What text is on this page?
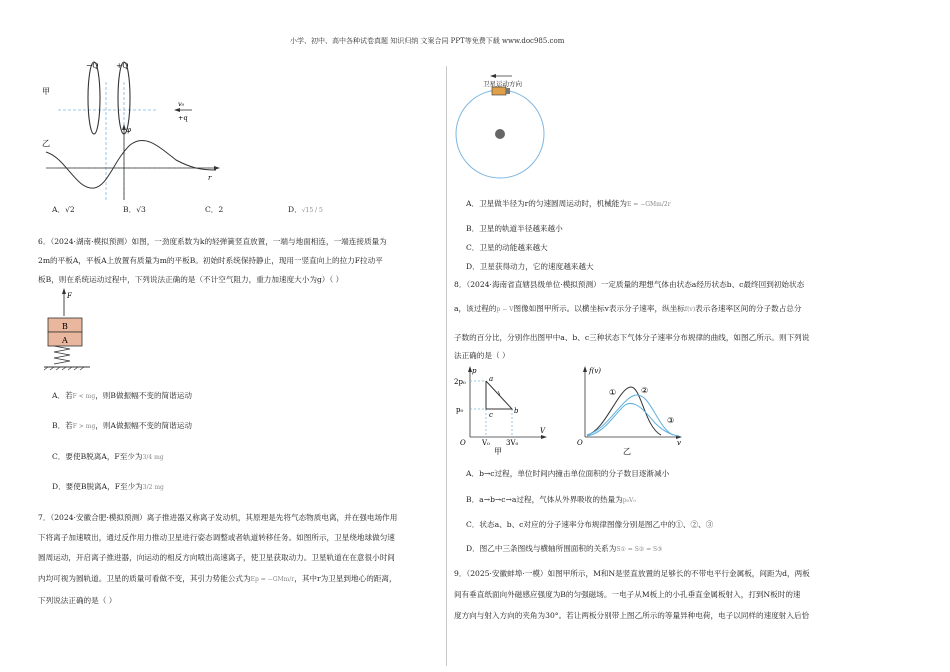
小学、初中、高中各种试卷真题 知识归纳 文案合同 PPT等免费下载 www.doc985.com
甲
乙
−Q +Q
v₀
+q
φ
r
A．√2	B．√3	C．2	D．√15 / 5
6．（2024·湖南·模拟预测）如图，一劲度系数为k的轻弹簧竖直放置，一端与地面相连，一端连接质量为
2m的平板A，平板A上放置有质量为m的平板B。初始时系统保持静止，现用一竖直向上的拉力F拉动平
板B，则在系统运动过程中，下列说法正确的是（不计空气阻力，重力加速度大小为g）（ ）
F
B
A
A．若F < mg，则B做振幅不变的简谐运动
B．若F > mg，则A做振幅不变的简谐运动
C．要使B脱离A，F至少为3/4 mg
D．要使B脱离A，F至少为3/2 mg
7．（2024·安徽合肥·模拟预测）离子推进器又称离子发动机，其原理是先将气态物质电离，并在强电场作用
下将离子加速喷出，通过反作用力推动卫星进行姿态调整或者轨道转移任务。如图所示，卫星绕地球做匀速
圆周运动，开启离子推进器，向运动的相反方向喷出高速离子，使卫星获取动力。卫星轨道在在意很小时间
内均可视为圆轨道。卫星的质量可看做不变，其引力势能公式为Ep = −GMm/r，其中r为卫星到地心的距离，
下列说法正确的是（ ）
卫星运动方向
A．卫星做半径为r的匀速圆周运动时，机械能为E = −GMm/2r
B．卫星的轨道半径越来越小
C．卫星的动能越来越大
D．卫星获得动力，它的速度越来越大
8．（2024·海南省直辖县级单位·模拟预测）一定质量的理想气体由状态a经历状态b、c最终回到初始状态
a，该过程的p − V图像如图甲所示。以横坐标v表示分子速率，纵坐标f(v)表示各速率区间的分子数占总分
子数的百分比，分别作出图甲中a、b、c三种状态下气体分子速率分布规律的曲线，如图乙所示。则下列说
法正确的是（ ）
p
V
2p₀
p₀
O V₀ 3V₀
a
b
c
甲
f(v)
v
O
①	②
③
乙
A．b→c过程，单位时间内撞击单位面积的分子数目逐渐减小
B．a→b→c→a过程，气体从外界吸收的热量为p₀V₀
C．状态a、b、c对应的分子速率分布规律图像分别是图乙中的①、②、③
D．图乙中三条图线与横轴所围面积的关系为S① = S② = S③
9．（2025·安徽蚌埠·一模）如图甲所示，M和N是竖直放置的足够长的不带电平行金属板，间距为d，两板
间有垂直纸面向外磁感应强度为B的匀强磁场。一电子从M板上的小孔垂直金属板射入，打到N板时的速
度方向与射入方向的夹角为30°。若让两板分别带上图乙所示的等量异种电荷，电子以同样的速度射入后恰
